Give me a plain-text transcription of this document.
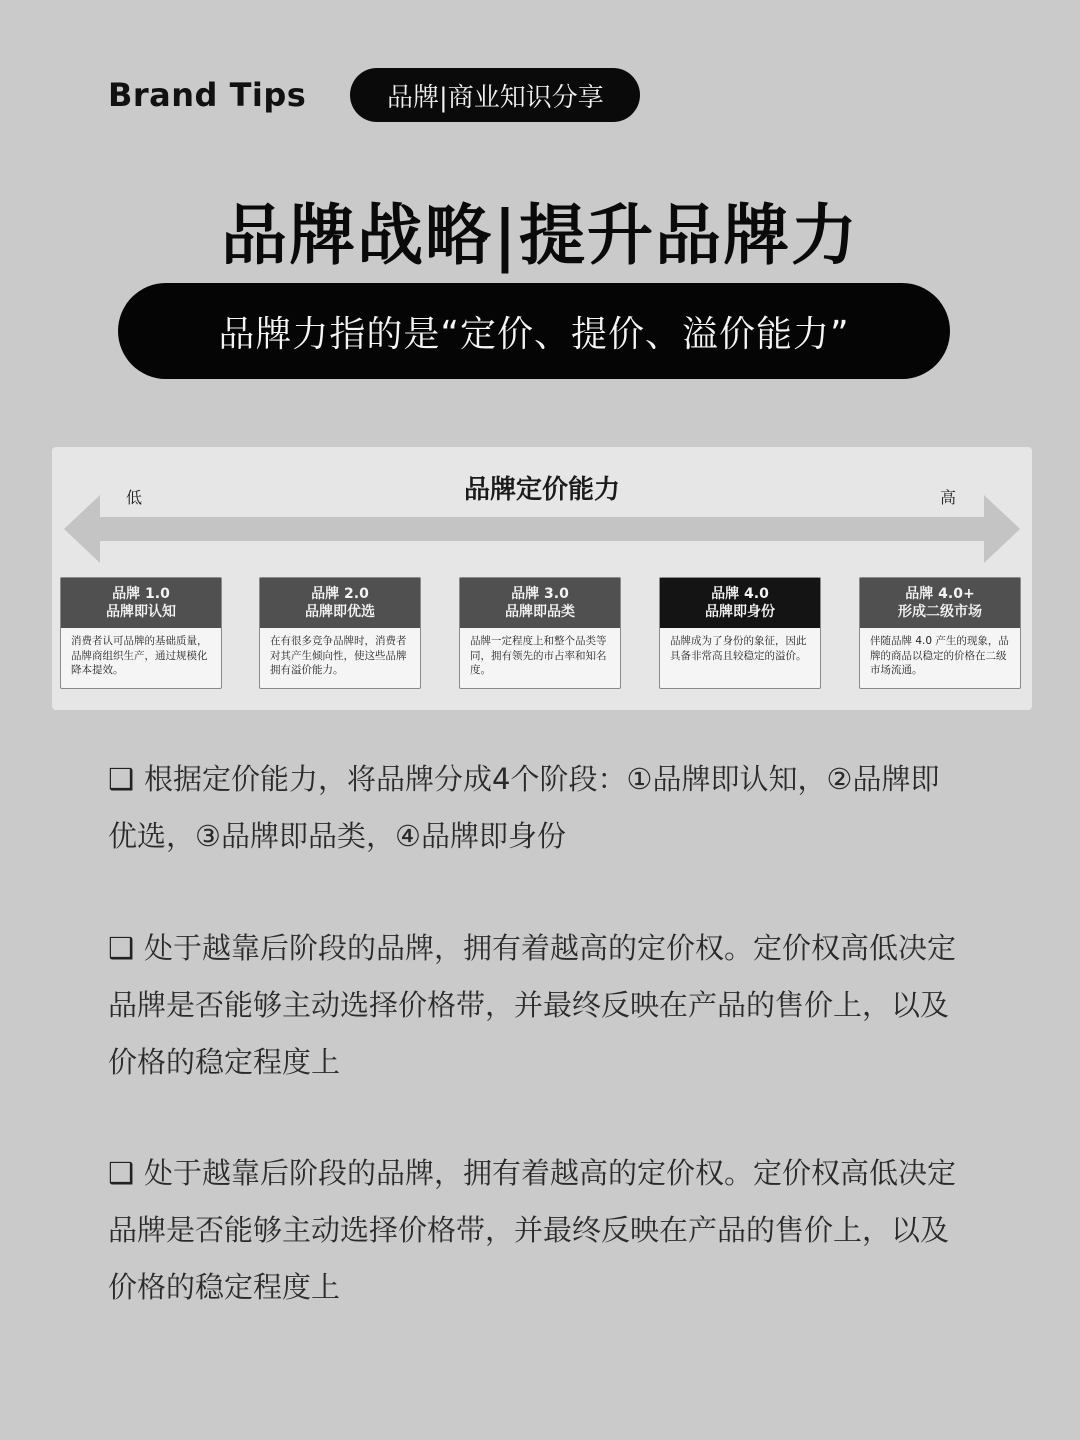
Brand Tips	品牌|商业知识分享
品牌战略|提升品牌力
品牌力指的是“定价、提价、溢价能力”
品牌定价能力
低	高
品牌 1.0
品牌即认知
消费者认可品牌的基础质量，品牌商组织生产，通过规模化降本提效。
品牌 2.0
品牌即优选
在有很多竞争品牌时，消费者对其产生倾向性，使这些品牌拥有溢价能力。
品牌 3.0
品牌即品类
品牌一定程度上和整个品类等同，拥有领先的市占率和知名度。
品牌 4.0
品牌即身份
品牌成为了身份的象征，因此具备非常高且较稳定的溢价。
品牌 4.0+
形成二级市场
伴随品牌 4.0 产生的现象，品牌的商品以稳定的价格在二级市场流通。
❑ 根据定价能力，将品牌分成4个阶段：①品牌即认知，②品牌即优选，③品牌即品类，④品牌即身份
❑ 处于越靠后阶段的品牌，拥有着越高的定价权。定价权高低决定品牌是否能够主动选择价格带，并最终反映在产品的售价上，以及价格的稳定程度上
❑ 处于越靠后阶段的品牌，拥有着越高的定价权。定价权高低决定品牌是否能够主动选择价格带，并最终反映在产品的售价上，以及价格的稳定程度上
